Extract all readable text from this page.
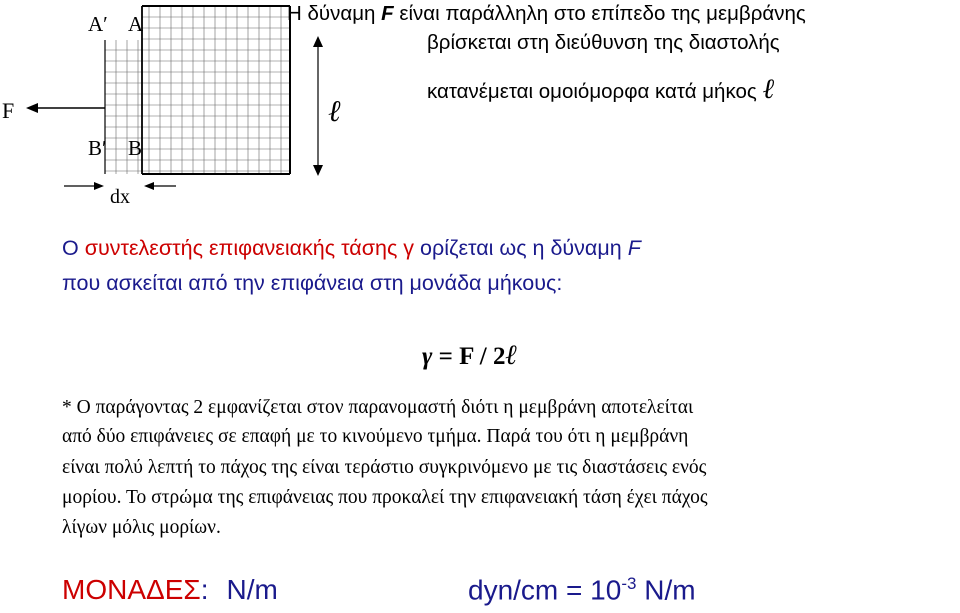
A′ A
B′ B
F
dx
ℓ
Η δύναμη F είναι παράλληλη στο επίπεδο της μεμβράνης
βρίσκεται στη διεύθυνση της διαστολής
κατανέμεται ομοιόμορφα κατά μήκος ℓ
Ο συντελεστής επιφανειακής τάσης γ ορίζεται ως η δύναμη F
που ασκείται από την επιφάνεια στη μονάδα μήκους:
γ = F / 2ℓ
* Ο παράγοντας 2 εμφανίζεται στον παρανομαστή διότι η μεμβράνη αποτελείται
από δύο επιφάνειες σε επαφή με το κινούμενο τμήμα. Παρά του ότι η μεμβράνη
είναι πολύ λεπτή το πάχος της είναι τεράστιο συγκρινόμενο με τις διαστάσεις ενός
μορίου. Το στρώμα της επιφάνειας που προκαλεί την επιφανειακή τάση έχει πάχος
λίγων μόλις μορίων.
ΜΟΝΑΔΕΣ: N/m	$dyn/cm = 10^{-3}$ N/m
